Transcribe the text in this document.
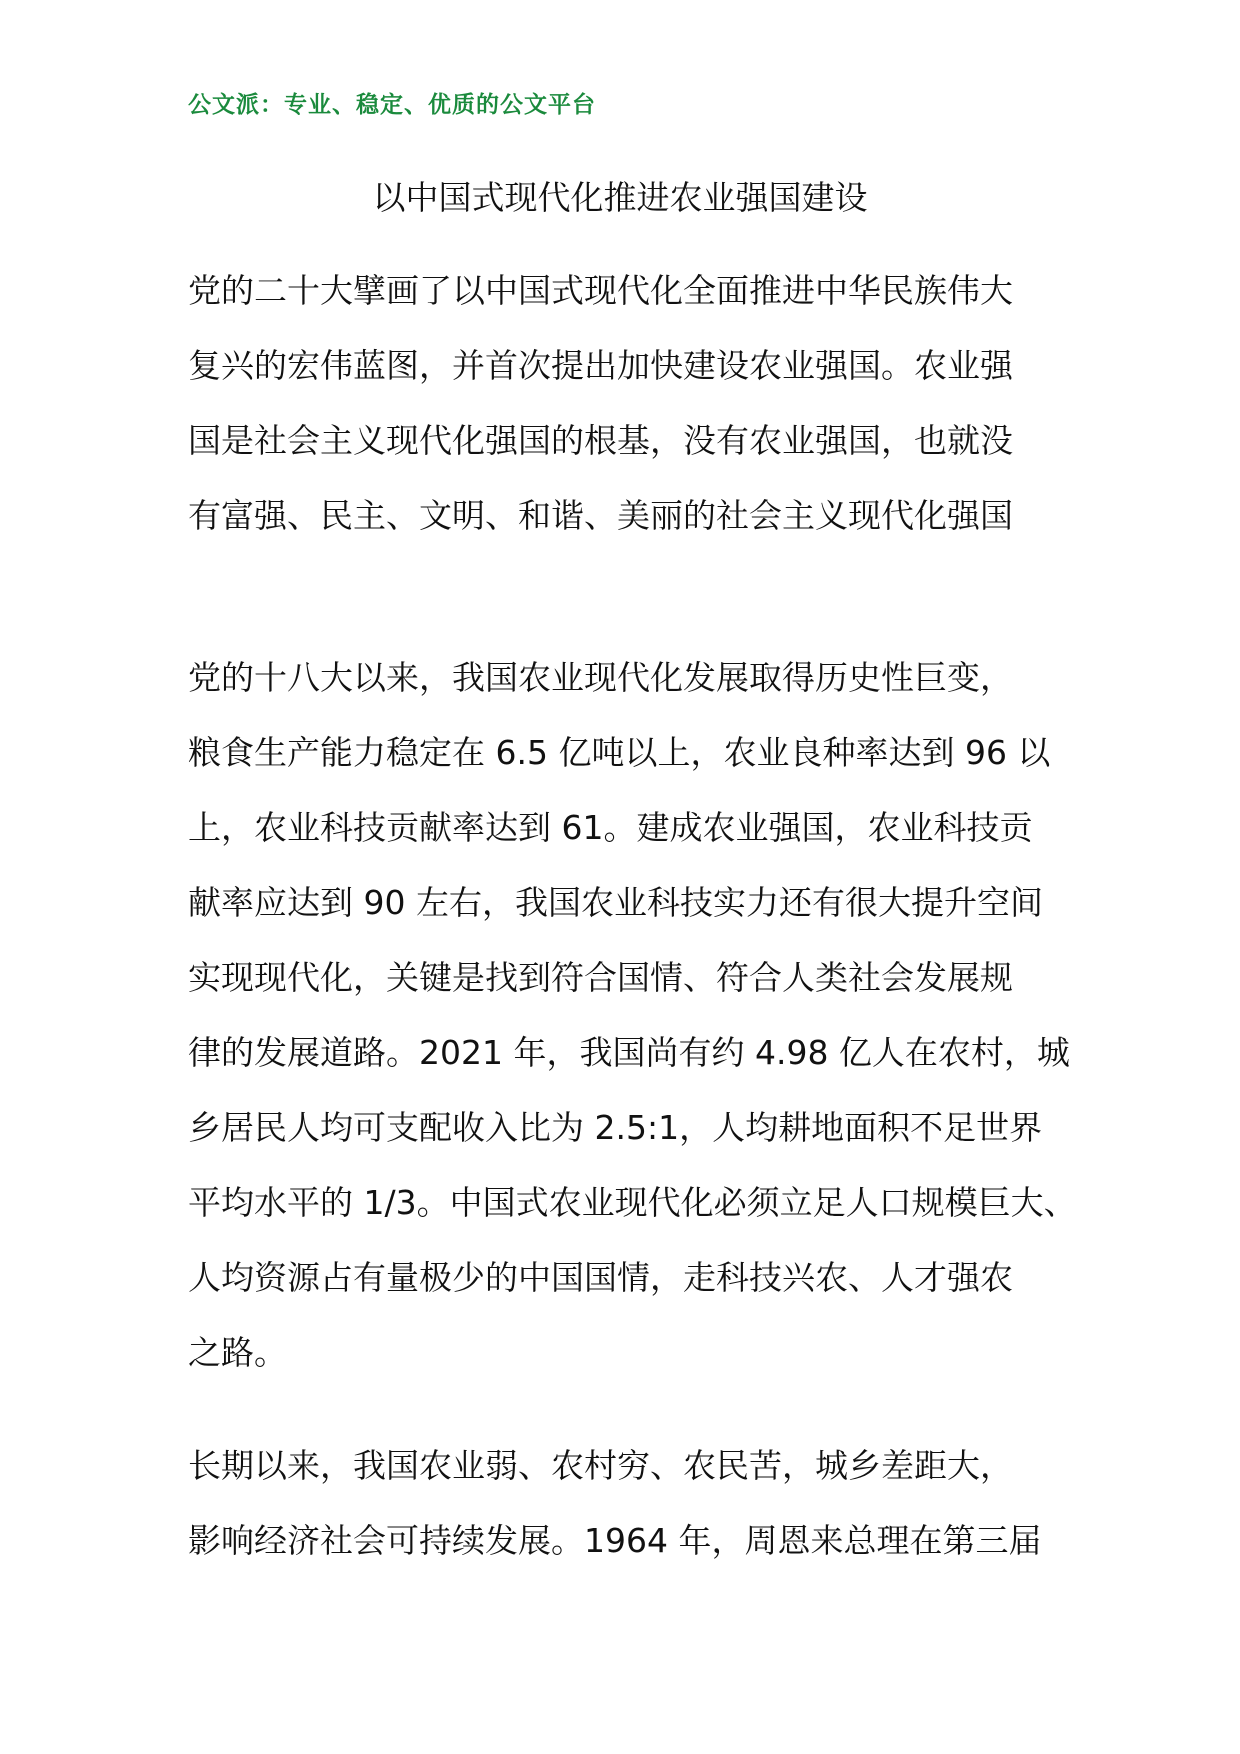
公文派：专业、稳定、优质的公文平台
以中国式现代化推进农业强国建设
党的二十大擘画了以中国式现代化全面推进中华民族伟大
复兴的宏伟蓝图，并首次提出加快建设农业强国。农业强
国是社会主义现代化强国的根基，没有农业强国，也就没
有富强、民主、文明、和谐、美丽的社会主义现代化强国
党的十八大以来，我国农业现代化发展取得历史性巨变，
粮食生产能力稳定在 6.5 亿吨以上，农业良种率达到 96 以
上，农业科技贡献率达到 61。建成农业强国，农业科技贡
献率应达到 90 左右，我国农业科技实力还有很大提升空间
实现现代化，关键是找到符合国情、符合人类社会发展规
律的发展道路。2021 年，我国尚有约 4.98 亿人在农村，城
乡居民人均可支配收入比为 2.5:1，人均耕地面积不足世界
平均水平的 1/3。中国式农业现代化必须立足人口规模巨大、
人均资源占有量极少的中国国情，走科技兴农、人才强农
之路。
长期以来，我国农业弱、农村穷、农民苦，城乡差距大，
影响经济社会可持续发展。1964 年，周恩来总理在第三届
